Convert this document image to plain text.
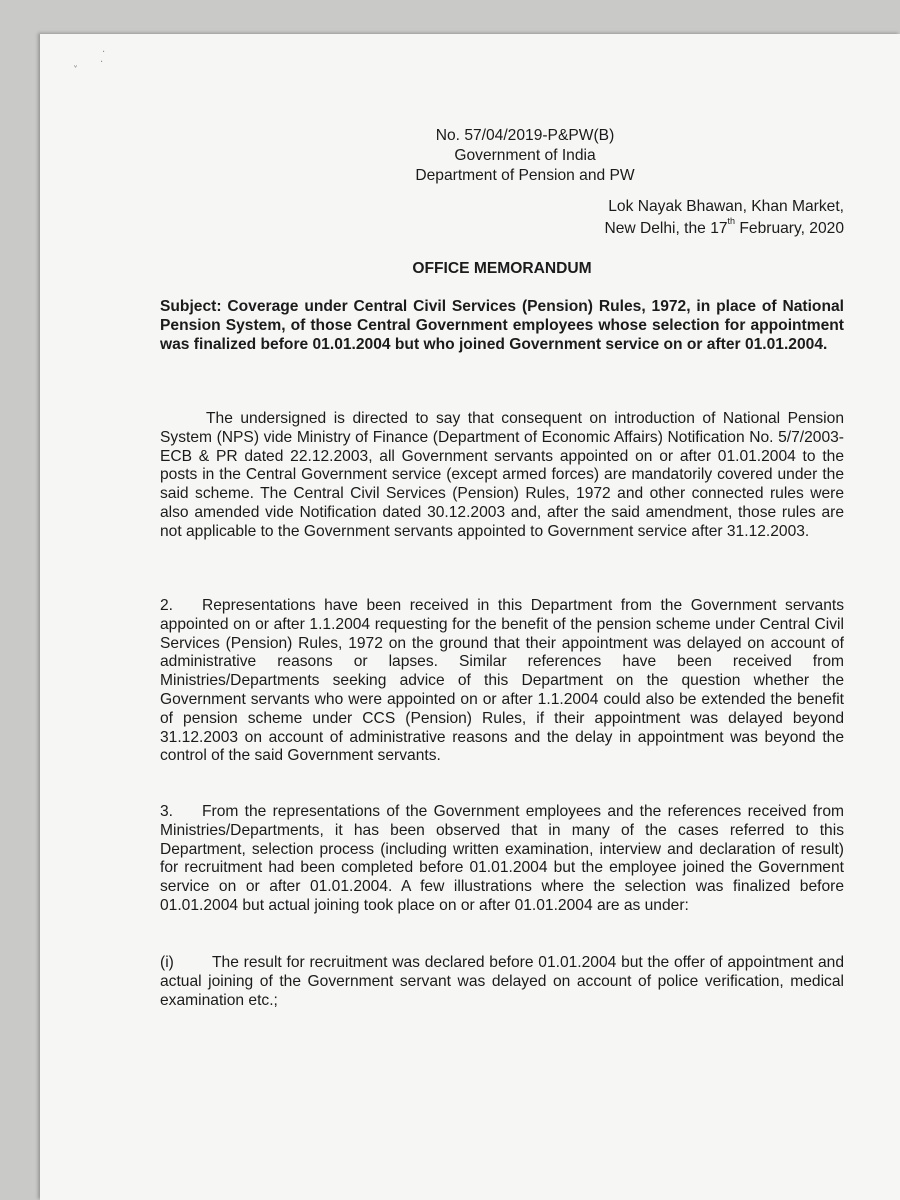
·
·
˅
No. 57/04/2019-P&PW(B)
Government of India
Department of Pension and PW
Lok Nayak Bhawan, Khan Market,
New Delhi, the 17th February, 2020
OFFICE MEMORANDUM
Subject: Coverage under Central Civil Services (Pension) Rules, 1972, in place of National Pension System, of those Central Government employees whose selection for appointment was finalized before 01.01.2004 but who joined Government service on or after 01.01.2004.
The undersigned is directed to say that consequent on introduction of National Pension System (NPS) vide Ministry of Finance (Department of Economic Affairs) Notification No. 5/7/2003-ECB & PR dated 22.12.2003, all Government servants appointed on or after 01.01.2004 to the posts in the Central Government service (except armed forces) are mandatorily covered under the said scheme. The Central Civil Services (Pension) Rules, 1972 and other connected rules were also amended vide Notification dated 30.12.2003 and, after the said amendment, those rules are not applicable to the Government servants appointed to Government service after 31.12.2003.
2. Representations have been received in this Department from the Government servants appointed on or after 1.1.2004 requesting for the benefit of the pension scheme under Central Civil Services (Pension) Rules, 1972 on the ground that their appointment was delayed on account of administrative reasons or lapses. Similar references have been received from Ministries/Departments seeking advice of this Department on the question whether the Government servants who were appointed on or after 1.1.2004 could also be extended the benefit of pension scheme under CCS (Pension) Rules, if their appointment was delayed beyond 31.12.2003 on account of administrative reasons and the delay in appointment was beyond the control of the said Government servants.
3. From the representations of the Government employees and the references received from Ministries/Departments, it has been observed that in many of the cases referred to this Department, selection process (including written examination, interview and declaration of result) for recruitment had been completed before 01.01.2004 but the employee joined the Government service on or after 01.01.2004. A few illustrations where the selection was finalized before 01.01.2004 but actual joining took place on or after 01.01.2004 are as under:
(i) The result for recruitment was declared before 01.01.2004 but the offer of appointment and actual joining of the Government servant was delayed on account of police verification, medical examination etc.;
